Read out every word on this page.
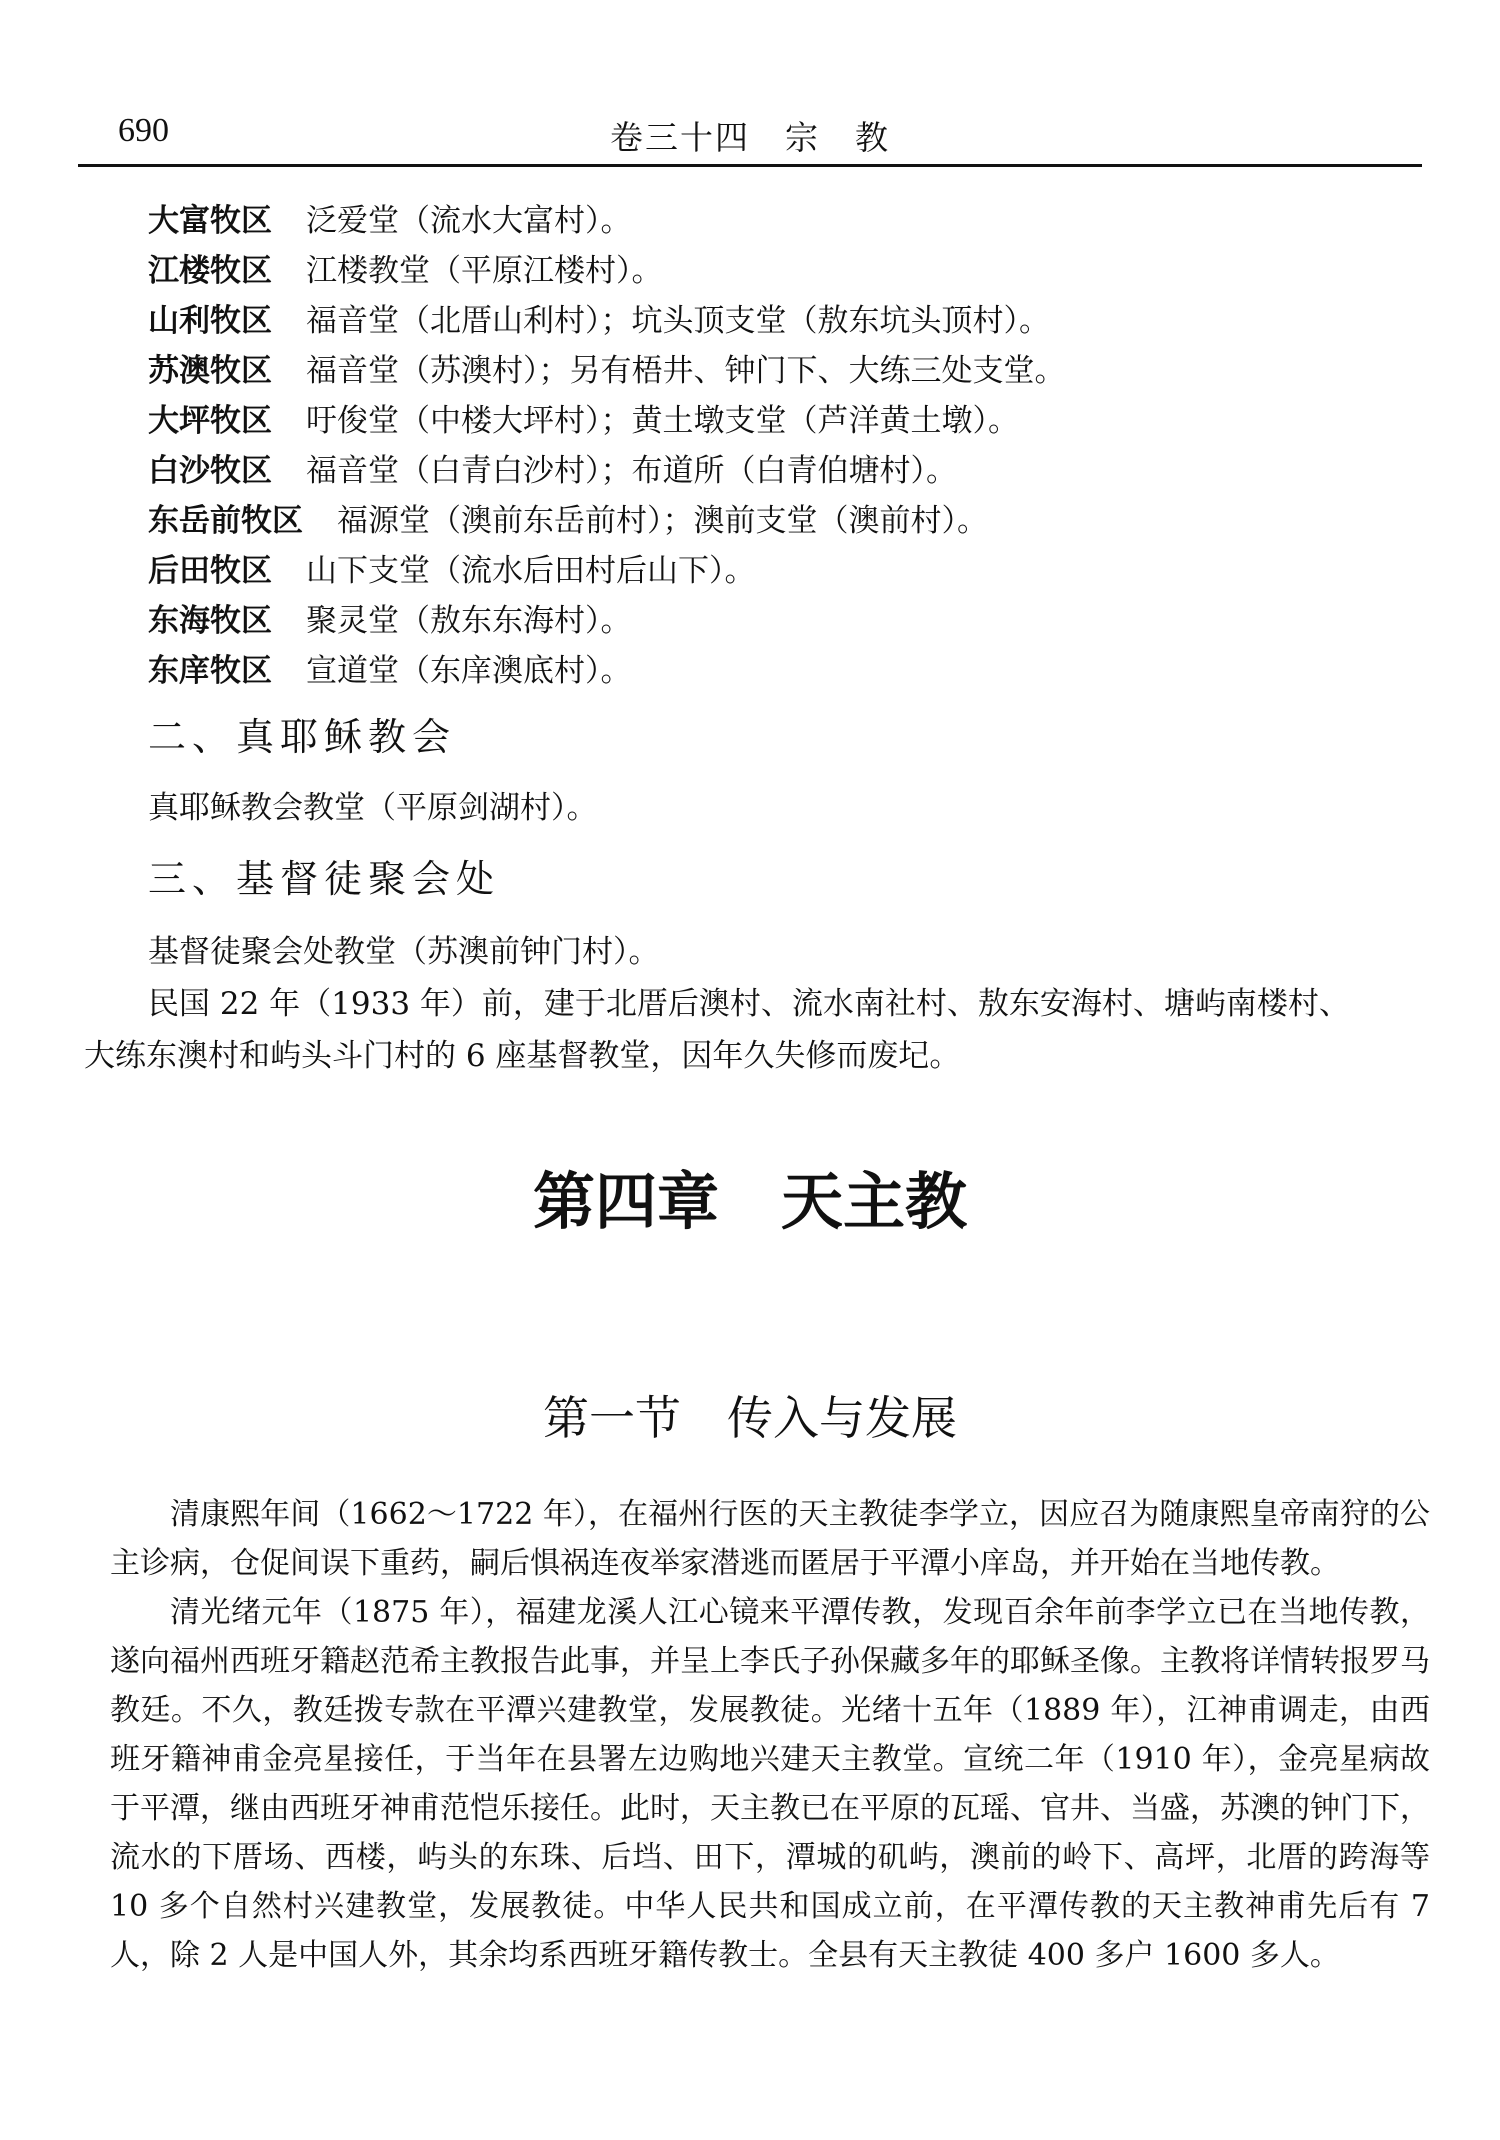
690	卷三十四　宗　教
大富牧区 泛爱堂（流水大富村）。
江楼牧区 江楼教堂（平原江楼村）。
山利牧区 福音堂（北厝山利村）；坑头顶支堂（敖东坑头顶村）。
苏澳牧区 福音堂（苏澳村）；另有梧井、钟门下、大练三处支堂。
大坪牧区 吁俊堂（中楼大坪村）；黄土墩支堂（芦洋黄土墩）。
白沙牧区 福音堂（白青白沙村）；布道所（白青伯塘村）。
东岳前牧区 福源堂（澳前东岳前村）；澳前支堂（澳前村）。
后田牧区 山下支堂（流水后田村后山下）。
东海牧区 聚灵堂（敖东东海村）。
东庠牧区 宣道堂（东庠澳底村）。
二、真耶稣教会
真耶稣教会教堂（平原剑湖村）。
三、基督徒聚会处
基督徒聚会处教堂（苏澳前钟门村）。
民国 22 年（1933 年）前，建于北厝后澳村、流水南社村、敖东安海村、塘屿南楼村、
大练东澳村和屿头斗门村的 6 座基督教堂，因年久失修而废圮。
第四章　天主教
第一节　传入与发展

清康熙年间（1662～1722 年），在福州行医的天主教徒李学立，因应召为随康熙皇帝南狩的公主诊病，仓促间误下重药，嗣后惧祸连夜举家潜逃而匿居于平潭小庠岛，并开始在当地传教。

清光绪元年（1875 年），福建龙溪人江心镜来平潭传教，发现百余年前李学立已在当地传教，遂向福州西班牙籍赵范希主教报告此事，并呈上李氏子孙保藏多年的耶稣圣像。主教将详情转报罗马教廷。不久，教廷拨专款在平潭兴建教堂，发展教徒。光绪十五年（1889 年），江神甫调走，由西班牙籍神甫金亮星接任，于当年在县署左边购地兴建天主教堂。宣统二年（1910 年），金亮星病故于平潭，继由西班牙神甫范恺乐接任。此时，天主教已在平原的瓦瑶、官井、当盛，苏澳的钟门下，流水的下厝场、西楼，屿头的东珠、后垱、田下，潭城的矶屿，澳前的岭下、高坪，北厝的跨海等 10 多个自然村兴建教堂，发展教徒。中华人民共和国成立前，在平潭传教的天主教神甫先后有 7 人，除 2 人是中国人外，其余均系西班牙籍传教士。全县有天主教徒 400 多户 1600 多人。
